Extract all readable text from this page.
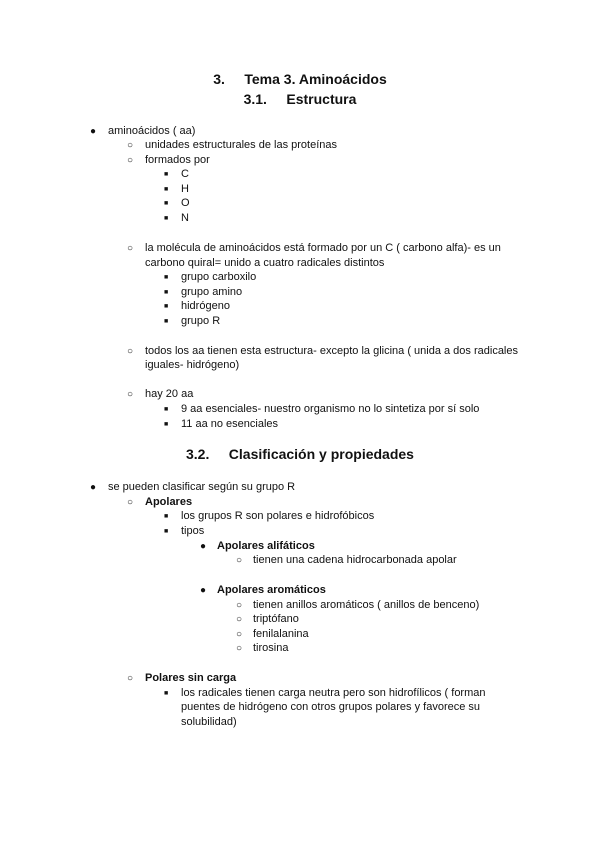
3.     Tema 3. Aminoácidos
3.1.     Estructura
● aminoácidos ( aa)
○ unidades estructurales de las proteínas
○ formados por
■ C
■ H
■ O
■ N
○ la molécula de aminoácidos está formado por un C ( carbono alfa)- es un
carbono quiral= unido a cuatro radicales distintos
■ grupo carboxilo
■ grupo amino
■ hidrógeno
■ grupo R
○ todos los aa tienen esta estructura- excepto la glicina ( unida a dos radicales
iguales- hidrógeno)
○ hay 20 aa
■ 9 aa esenciales- nuestro organismo no lo sintetiza por sí solo
■ 11 aa no esenciales
3.2.     Clasificación y propiedades
● se pueden clasificar según su grupo R
○ Apolares
■ los grupos R son polares e hidrofóbicos
■ tipos
● Apolares alifáticos
○ tienen una cadena hidrocarbonada apolar
● Apolares aromáticos
○ tienen anillos aromáticos ( anillos de benceno)
○ triptófano
○ fenilalanina
○ tirosina
○ Polares sin carga
■ los radicales tienen carga neutra pero son hidrofílicos ( forman
puentes de hidrógeno con otros grupos polares y favorece su
solubilidad)
